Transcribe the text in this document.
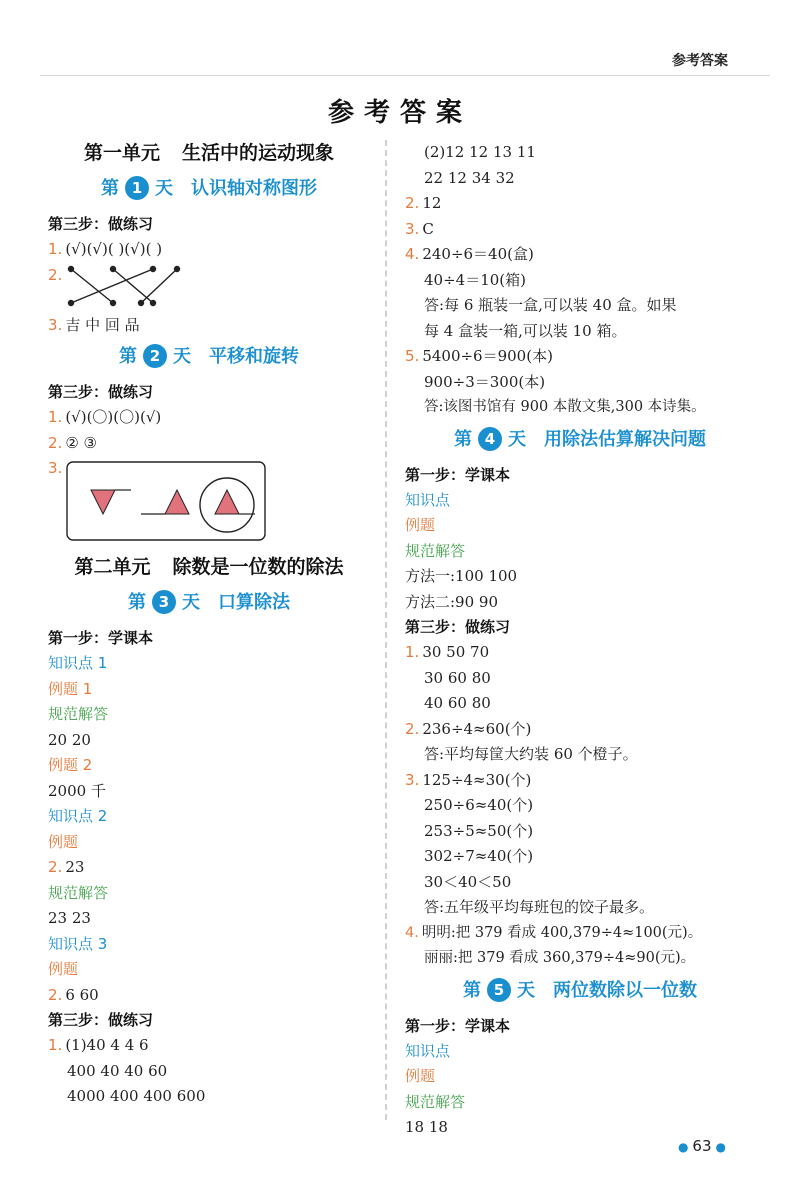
参考答案
参考答案
第一单元 生活中的运动现象
第 1 天 认识轴对称图形
第三步：做练习
1. (√)(√)( )(√)( )
2.
3. 吉 中 回 品
第 2 天 平移和旋转
第三步：做练习
1. (√)(〇)(〇)(√)
2. ② ③
3.
第二单元 除数是一位数的除法
第 3 天 口算除法
第一步：学课本
知识点 1
例题 1
规范解答
20 20
例题 2
2000 千
知识点 2
例题
2. 23
规范解答
23 23
知识点 3
例题
2. 6 60
第三步：做练习
1. (1)40 4 4 6
400 40 40 60
4000 400 400 600
(2)12 12 13 11
22 12 34 32
2. 12
3. C
4. 240÷6＝40(盒)
40÷4＝10(箱)
答:每 6 瓶装一盒,可以装 40 盒。如果
每 4 盒装一箱,可以装 10 箱。
5. 5400÷6＝900(本)
900÷3＝300(本)
答:该图书馆有 900 本散文集,300 本诗集。
第 4 天 用除法估算解决问题
第一步：学课本
知识点
例题
规范解答
方法一:100 100
方法二:90 90
第三步：做练习
1. 30 50 70
30 60 80
40 60 80
2. 236÷4≈60(个)
答:平均每筐大约装 60 个橙子。
3. 125÷4≈30(个)
250÷6≈40(个)
253÷5≈50(个)
302÷7≈40(个)
30＜40＜50
答:五年级平均每班包的饺子最多。
4. 明明:把 379 看成 400,379÷4≈100(元)。
丽丽:把 379 看成 360,379÷4≈90(元)。
第 5 天 两位数除以一位数
第一步：学课本
知识点
例题
规范解答
18 18
● 63 ●
